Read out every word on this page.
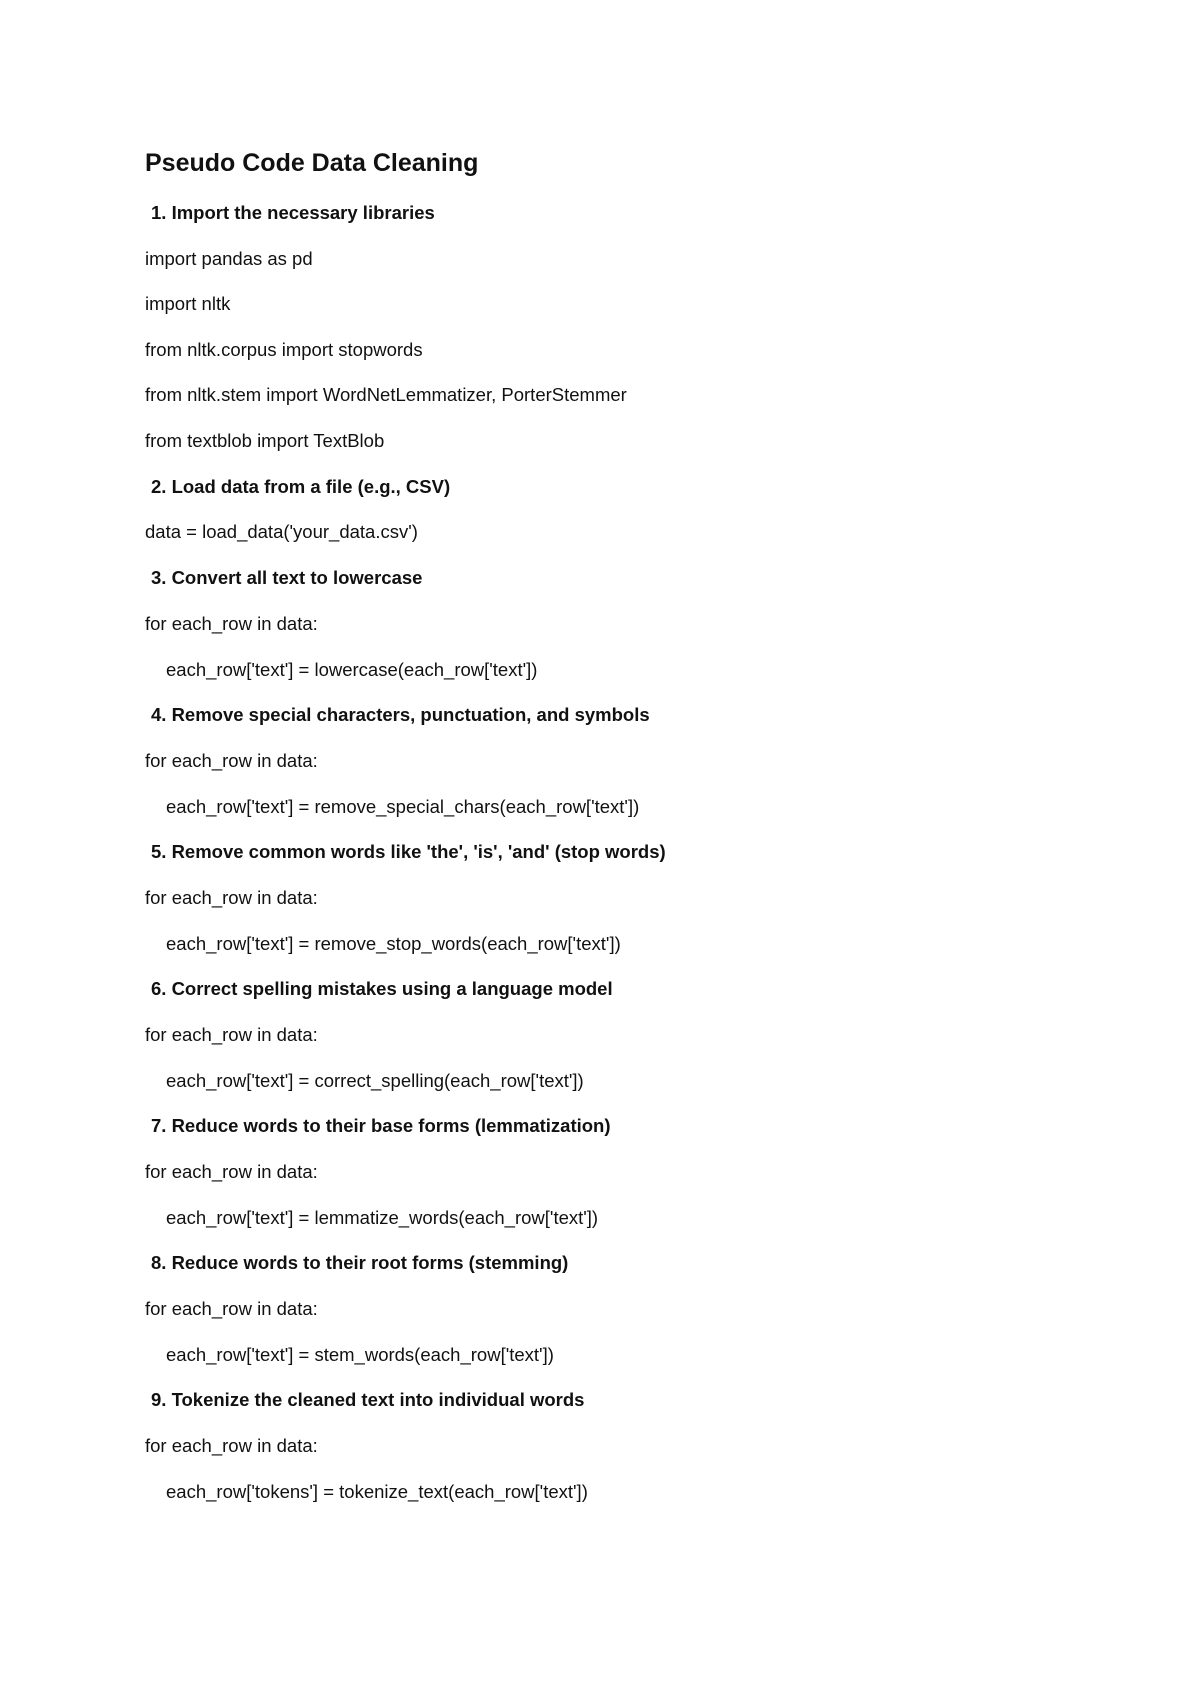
Pseudo Code Data Cleaning

1. Import the necessary libraries

import pandas as pd

import nltk

from nltk.corpus import stopwords

from nltk.stem import WordNetLemmatizer, PorterStemmer

from textblob import TextBlob

2. Load data from a file (e.g., CSV)

data = load_data('your_data.csv')

3. Convert all text to lowercase

for each_row in data:

each_row['text'] = lowercase(each_row['text'])

4. Remove special characters, punctuation, and symbols

for each_row in data:

each_row['text'] = remove_special_chars(each_row['text'])

5. Remove common words like 'the', 'is', 'and' (stop words)

for each_row in data:

each_row['text'] = remove_stop_words(each_row['text'])

6. Correct spelling mistakes using a language model

for each_row in data:

each_row['text'] = correct_spelling(each_row['text'])

7. Reduce words to their base forms (lemmatization)

for each_row in data:

each_row['text'] = lemmatize_words(each_row['text'])

8. Reduce words to their root forms (stemming)

for each_row in data:

each_row['text'] = stem_words(each_row['text'])

9. Tokenize the cleaned text into individual words

for each_row in data:

each_row['tokens'] = tokenize_text(each_row['text'])
